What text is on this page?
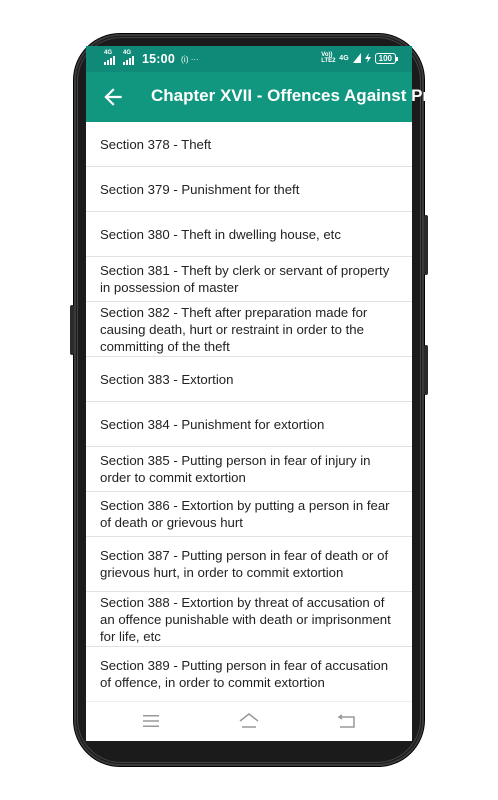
4G 4G 15:00 (ı̇) ···	Vo)) LTE2 4G	100
Chapter XVII - Offences Against Property
Section 378 - Theft
Section 379 - Punishment for theft
Section 380 - Theft in dwelling house, etc
Section 381 - Theft by clerk or servant of property in possession of master
Section 382 - Theft after preparation made for causing death, hurt or restraint in order to the committing of the theft
Section 383 - Extortion
Section 384 - Punishment for extortion
Section 385 - Putting person in fear of injury in order to commit extortion
Section 386 - Extortion by putting a person in fear of death or grievous hurt
Section 387 - Putting person in fear of death or of grievous hurt, in order to commit extortion
Section 388 - Extortion by threat of accusation of an offence punishable with death or imprisonment for life, etc
Section 389 - Putting person in fear of accusation of offence, in order to commit extortion
